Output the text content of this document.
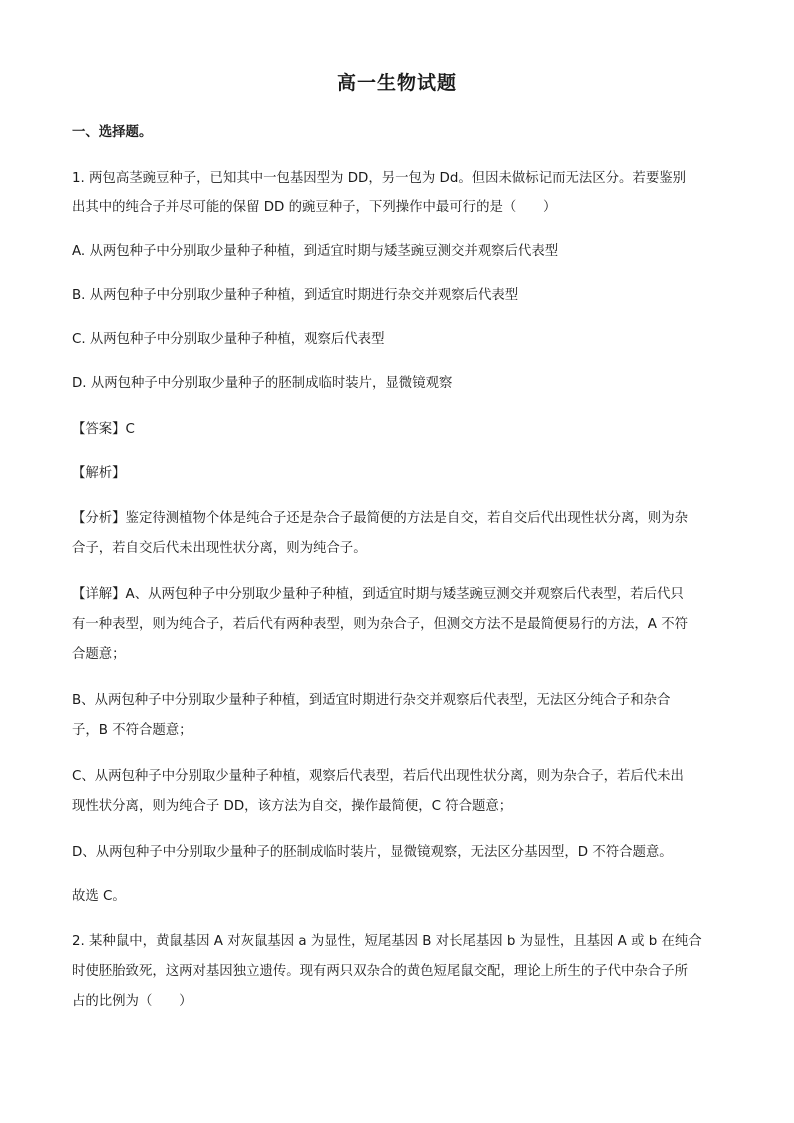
高一生物试题
一、选择题。
1. 两包高茎豌豆种子，已知其中一包基因型为 DD，另一包为 Dd。但因未做标记而无法区分。若要鉴别
出其中的纯合子并尽可能的保留 DD 的豌豆种子，下列操作中最可行的是（　　）
A. 从两包种子中分别取少量种子种植，到适宜时期与矮茎豌豆测交并观察后代表型
B. 从两包种子中分别取少量种子种植，到适宜时期进行杂交并观察后代表型
C. 从两包种子中分别取少量种子种植，观察后代表型
D. 从两包种子中分别取少量种子的胚制成临时装片，显微镜观察
【答案】C
【解析】
【分析】鉴定待测植物个体是纯合子还是杂合子最简便的方法是自交，若自交后代出现性状分离，则为杂
合子，若自交后代未出现性状分离，则为纯合子。
【详解】A、从两包种子中分别取少量种子种植，到适宜时期与矮茎豌豆测交并观察后代表型，若后代只
有一种表型，则为纯合子，若后代有两种表型，则为杂合子，但测交方法不是最简便易行的方法，A 不符
合题意；
B、从两包种子中分别取少量种子种植，到适宜时期进行杂交并观察后代表型，无法区分纯合子和杂合
子，B 不符合题意；
C、从两包种子中分别取少量种子种植，观察后代表型，若后代出现性状分离，则为杂合子，若后代未出
现性状分离，则为纯合子 DD，该方法为自交，操作最简便，C 符合题意；
D、从两包种子中分别取少量种子的胚制成临时装片，显微镜观察，无法区分基因型，D 不符合题意。
故选 C。
2. 某种鼠中，黄鼠基因 A 对灰鼠基因 a 为显性，短尾基因 B 对长尾基因 b 为显性，且基因 A 或 b 在纯合
时使胚胎致死，这两对基因独立遗传。现有两只双杂合的黄色短尾鼠交配，理论上所生的子代中杂合子所
占的比例为（　　）
